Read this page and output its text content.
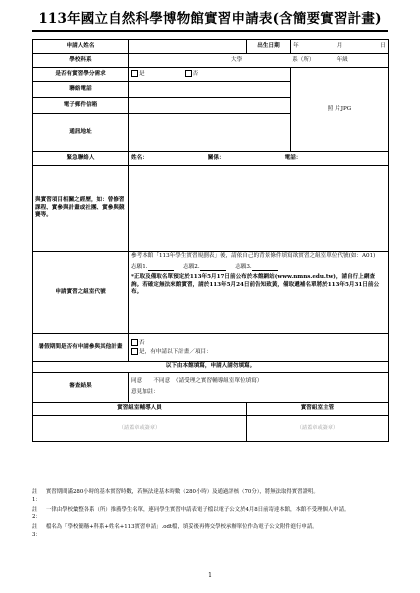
113年國立自然科學博物館實習申請表(含簡要實習計畫)
申請人姓名		出生日期	年 月 日
學校科系	大學 系（所） 年級		
是否有實習學分需求	是 否		照 片JPG
聯絡電話			
電子郵件信箱			
通訊地址			
緊急聯絡人	姓名： 關係： 電話：		
與實習項目相關之經歷，如：曾修習課程、實參與計畫或社團、實參與競賽等。			
申請實習之組室代號	參考本館「113年學生實習規劃表」後，請依自己的背景條件填寫欲實習之組室單位代號(如：A01)
志願1. 志願2. 志願3.
*正取及備取名單預定於113年5月17日前公布於本館網站(www.nmns.edu.tw)，請自行上網查詢。若確定無法來館實習，請於113年5月24日前告知致黃，備取遞補名單將於113年5月31日前公布。		

暑假期間是否有申請參與其他計畫	否
是，有申請以下計畫／項目：		

以下由本館填寫，申請人請勿填寫。			
審查結果	同意　　不同意　（請受理之實習輔導組室單位填寫）
意見加註：		

實習組室輔導人員		實習組室主管	
（請蓋章或簽章）		（請蓋章或簽章）	
註1：
實習期間滿280小時的基本實習時數，若無法達基本時數（280小時）及通過評核（70分），將無法取得實習證明。
註2：
一律由學校彙整各系（所）推薦學生名單，連同學生實習申請表電子檔以電子公文於4月8日前寄達本館，本館不受理個人申請。
註3：
檔名為「學校簡稱+科系+姓名+113實習申請」.odt檔，填妥後再傳交學校承辦單位作為電子公文附件進行申請。
1
